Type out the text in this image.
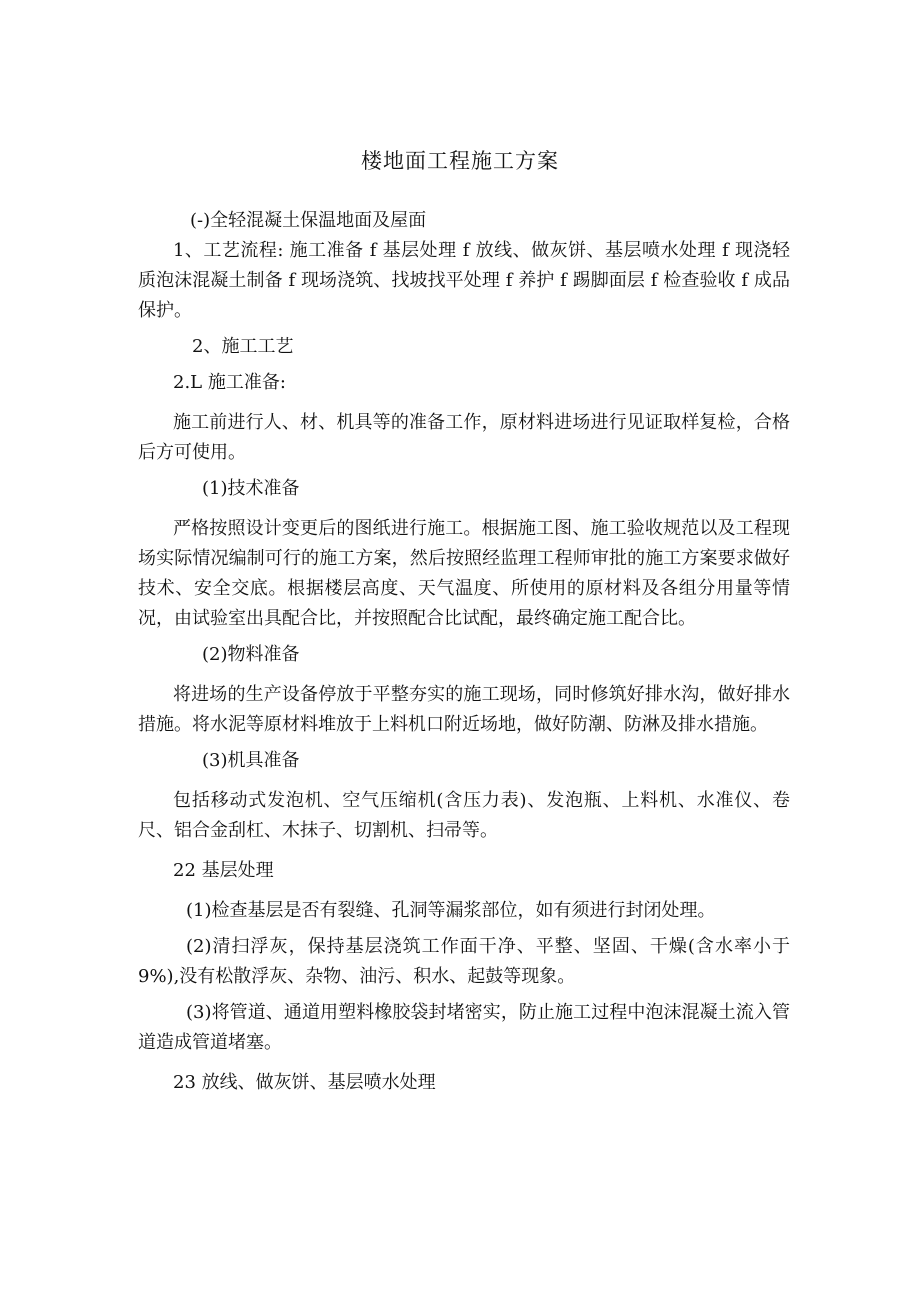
楼地面工程施工方案

(-)全轻混凝土保温地面及屋面

1、工艺流程: 施工准备 f 基层处理 f 放线、做灰饼、基层喷水处理 f 现浇轻质泡沫混凝土制备 f 现场浇筑、找坡找平处理 f 养护 f 踢脚面层 f 检查验收 f 成品保护。

2、施工工艺

2.L 施工准备:

施工前进行人、材、机具等的准备工作，原材料进场进行见证取样复检，合格后方可使用。

(1)技术准备

严格按照设计变更后的图纸进行施工。根据施工图、施工验收规范以及工程现场实际情况编制可行的施工方案，然后按照经监理工程师审批的施工方案要求做好技术、安全交底。根据楼层高度、天气温度、所使用的原材料及各组分用量等情况，由试验室出具配合比，并按照配合比试配，最终确定施工配合比。

(2)物料准备

将进场的生产设备停放于平整夯实的施工现场，同时修筑好排水沟，做好排水措施。将水泥等原材料堆放于上料机口附近场地，做好防潮、防淋及排水措施。

(3)机具准备

包括移动式发泡机、空气压缩机(含压力表)、发泡瓶、上料机、水准仪、卷尺、铝合金刮杠、木抹子、切割机、扫帚等。

22 基层处理

(1)检查基层是否有裂缝、孔洞等漏浆部位，如有须进行封闭处理。

(2)清扫浮灰，保持基层浇筑工作面干净、平整、坚固、干燥(含水率小于 9%),没有松散浮灰、杂物、油污、积水、起鼓等现象。

(3)将管道、通道用塑料橡胶袋封堵密实，防止施工过程中泡沫混凝土流入管道造成管道堵塞。

23 放线、做灰饼、基层喷水处理
